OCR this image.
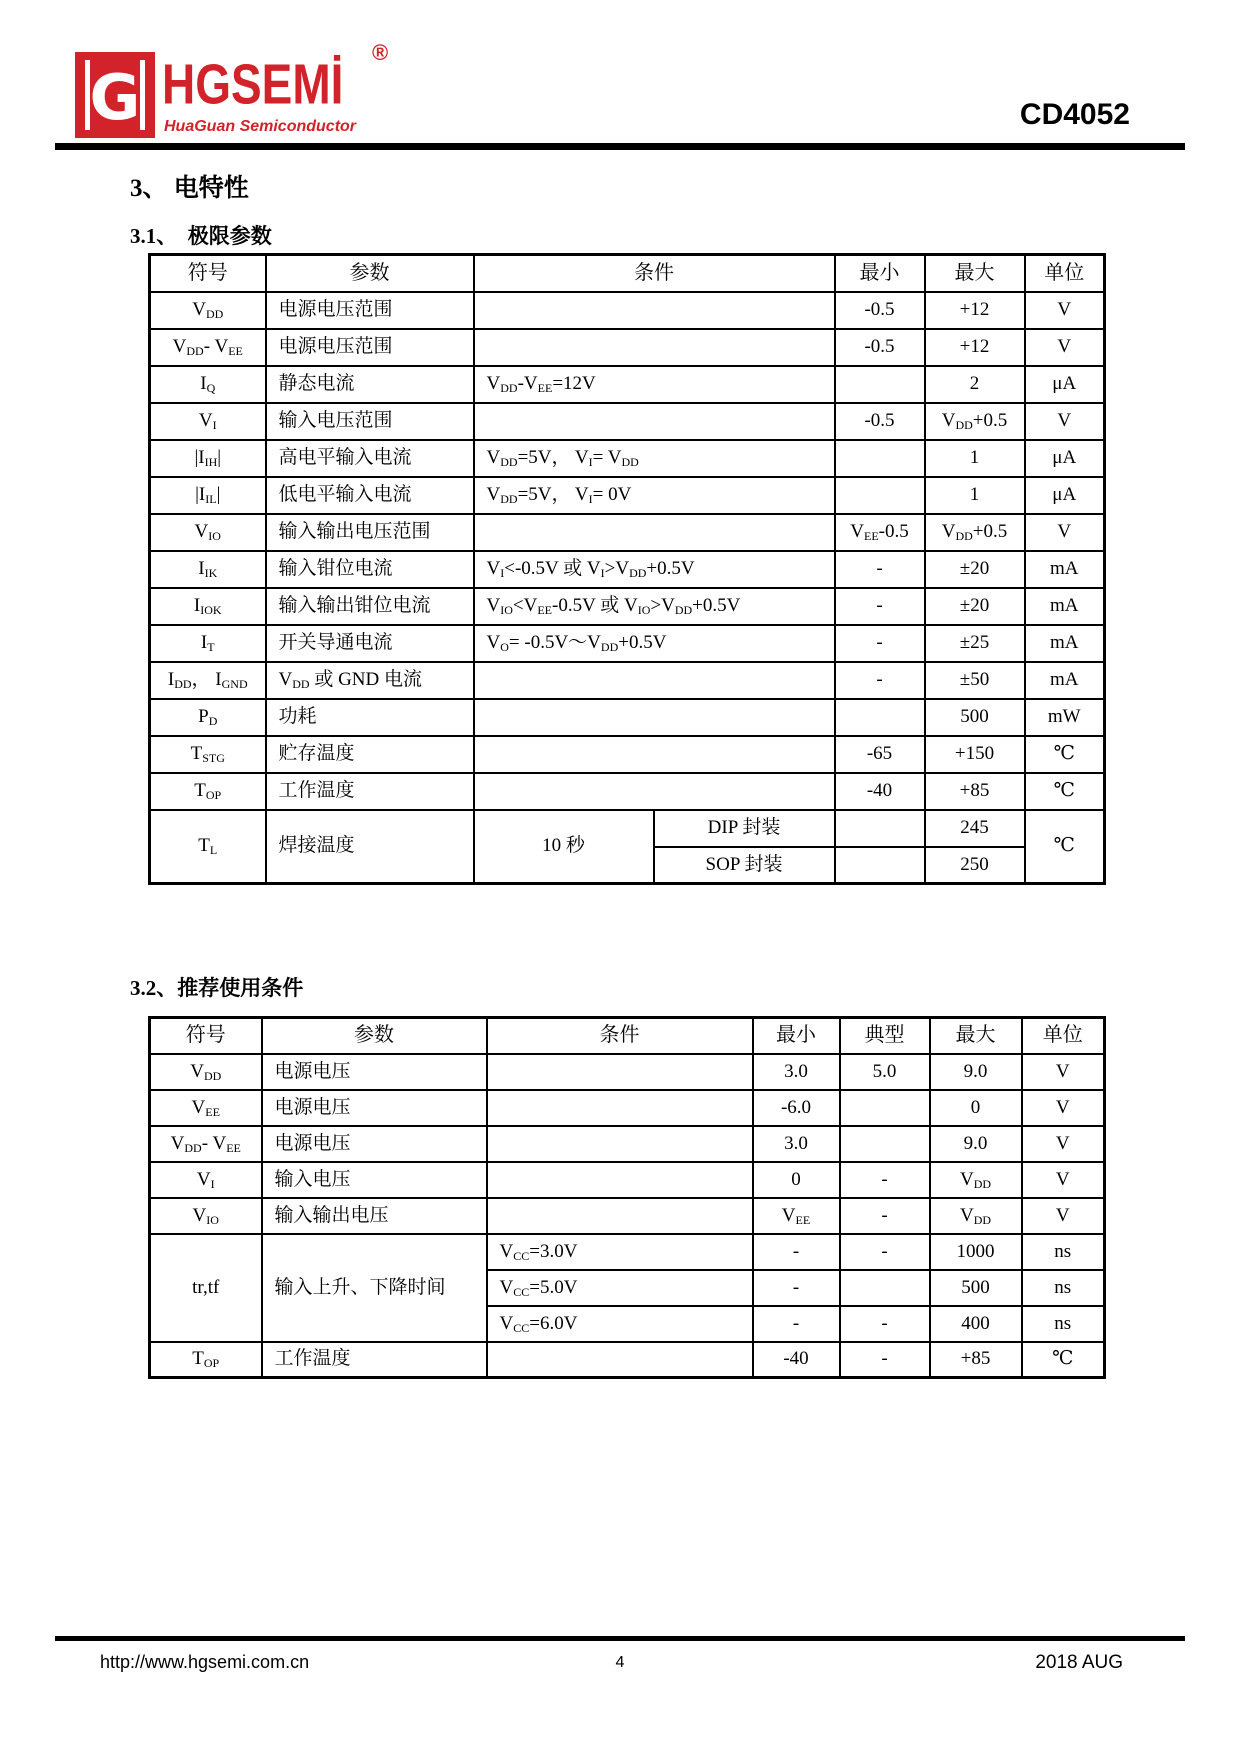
G HGSEMİ ®
HuaGuan Semiconductor	CD4052
3、 电特性
3.1、  极限参数
3.2、推荐使用条件
符号	参数	条件		最小	最大	单位
$V_{DD}$	电源电压范围			-0.5	+12	V
$V_{DD}-$ $V_{EE}$	电源电压范围			-0.5	+12	V
$I_Q$	静态电流	$V_{DD}-V_{EE}=12V$			2	μA
$V_I$	输入电压范围			-0.5	$V_{DD}+0.5$	V
$|I_{IH}|$	高电平输入电流	$V_{DD}=5V$， $V_I= V_{DD}$			1	μA
$|I_{IL}|$	低电平输入电流	$V_{DD}=5V$， $V_I= 0V$			1	μA
$V_{IO}$	输入输出电压范围			$V_{EE}-0.5$	$V_{DD}+0.5$	V
$I_{IK}$	输入钳位电流	$V_I<-0.5V$ 或 $V_I>V_{DD}+0.5V$		-	±20	mA
$I_{IOK}$	输入输出钳位电流	$V_{IO}<V_{EE}-0.5V$ 或 $V_{IO}>V_{DD}+0.5V$		-	±20	mA
$I_T$	开关导通电流	$V_O=$ $-0.5V\sim V_{DD}+0.5V$		-	±25	mA
$I_{DD}$， $I_{GND}$	$V_{DD}$ 或 GND 电流			-	±50	mA
$P_D$	功耗				500	mW
$T_{STG}$	贮存温度			-65	+150	℃
$T_{OP}$	工作温度			-40	+85	℃
$T_L$	焊接温度	10 秒	DIP 封装		245	℃
			SOP 封装		250	
符号	参数	条件	最小	典型	最大	单位
$V_{DD}$	电源电压		3.0	5.0	9.0	V
$V_{EE}$	电源电压		-6.0		0	V
$V_{DD}-$ $V_{EE}$	电源电压		3.0		9.0	V
$V_I$	输入电压		0	-	$V_{DD}$	V
$V_{IO}$	输入输出电压		$V_{EE}$	-	$V_{DD}$	V
tr,tf	输入上升、下降时间	$V_{CC}=3.0V$	-	-	1000	ns
		$V_{CC}=5.0V$	-		500	ns
		$V_{CC}=6.0V$	-	-	400	ns
$T_{OP}$	工作温度		-40	-	+85	℃
http://www.hgsemi.com.cn	4	2018 AUG
